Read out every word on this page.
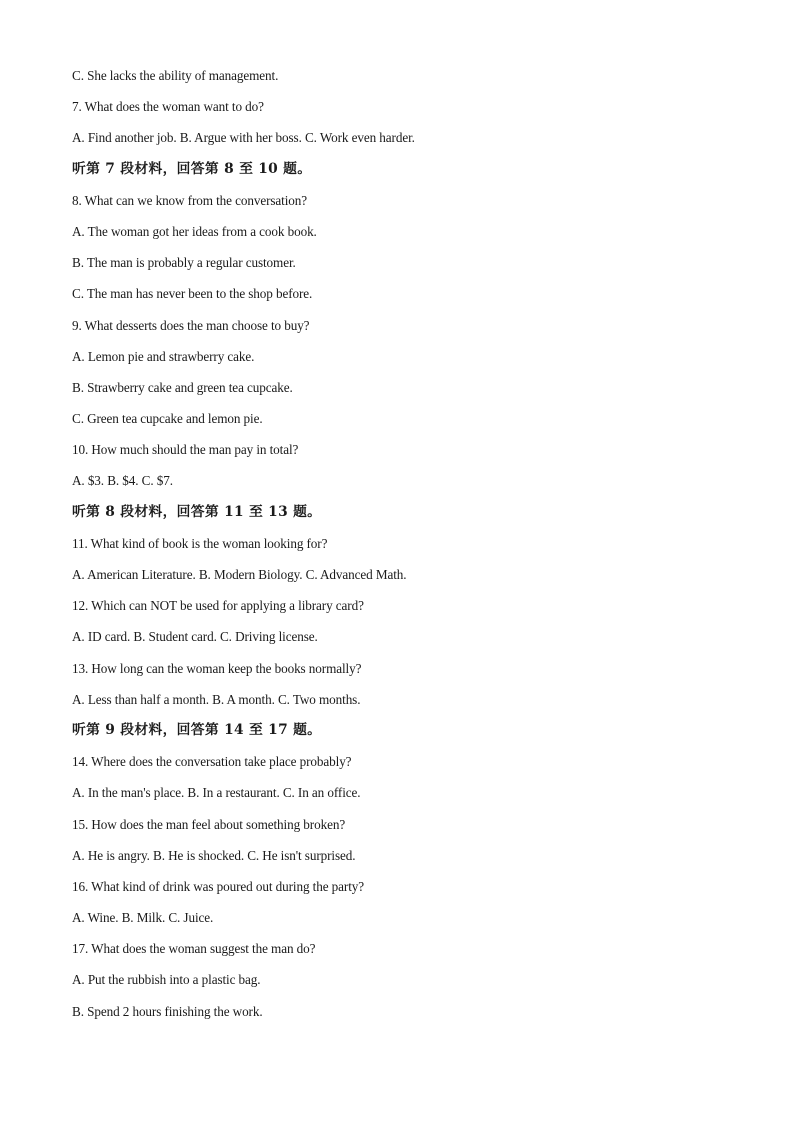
C. She lacks the ability of management.
7. What does the woman want to do?
A. Find another job. B. Argue with her boss. C. Work even harder.
听第 7 段材料，回答第 8 至 10 题。
8. What can we know from the conversation?
A. The woman got her ideas from a cook book.
B. The man is probably a regular customer.
C. The man has never been to the shop before.
9. What desserts does the man choose to buy?
A. Lemon pie and strawberry cake.
B. Strawberry cake and green tea cupcake.
C. Green tea cupcake and lemon pie.
10. How much should the man pay in total?
A. $3. B. $4. C. $7.
听第 8 段材料，回答第 11 至 13 题。
11. What kind of book is the woman looking for?
A. American Literature. B. Modern Biology. C. Advanced Math.
12. Which can NOT be used for applying a library card?
A. ID card. B. Student card. C. Driving license.
13. How long can the woman keep the books normally?
A. Less than half a month. B. A month. C. Two months.
听第 9 段材料，回答第 14 至 17 题。
14. Where does the conversation take place probably?
A. In the man's place. B. In a restaurant. C. In an office.
15. How does the man feel about something broken?
A. He is angry. B. He is shocked. C. He isn't surprised.
16. What kind of drink was poured out during the party?
A. Wine. B. Milk. C. Juice.
17. What does the woman suggest the man do?
A. Put the rubbish into a plastic bag.
B. Spend 2 hours finishing the work.
